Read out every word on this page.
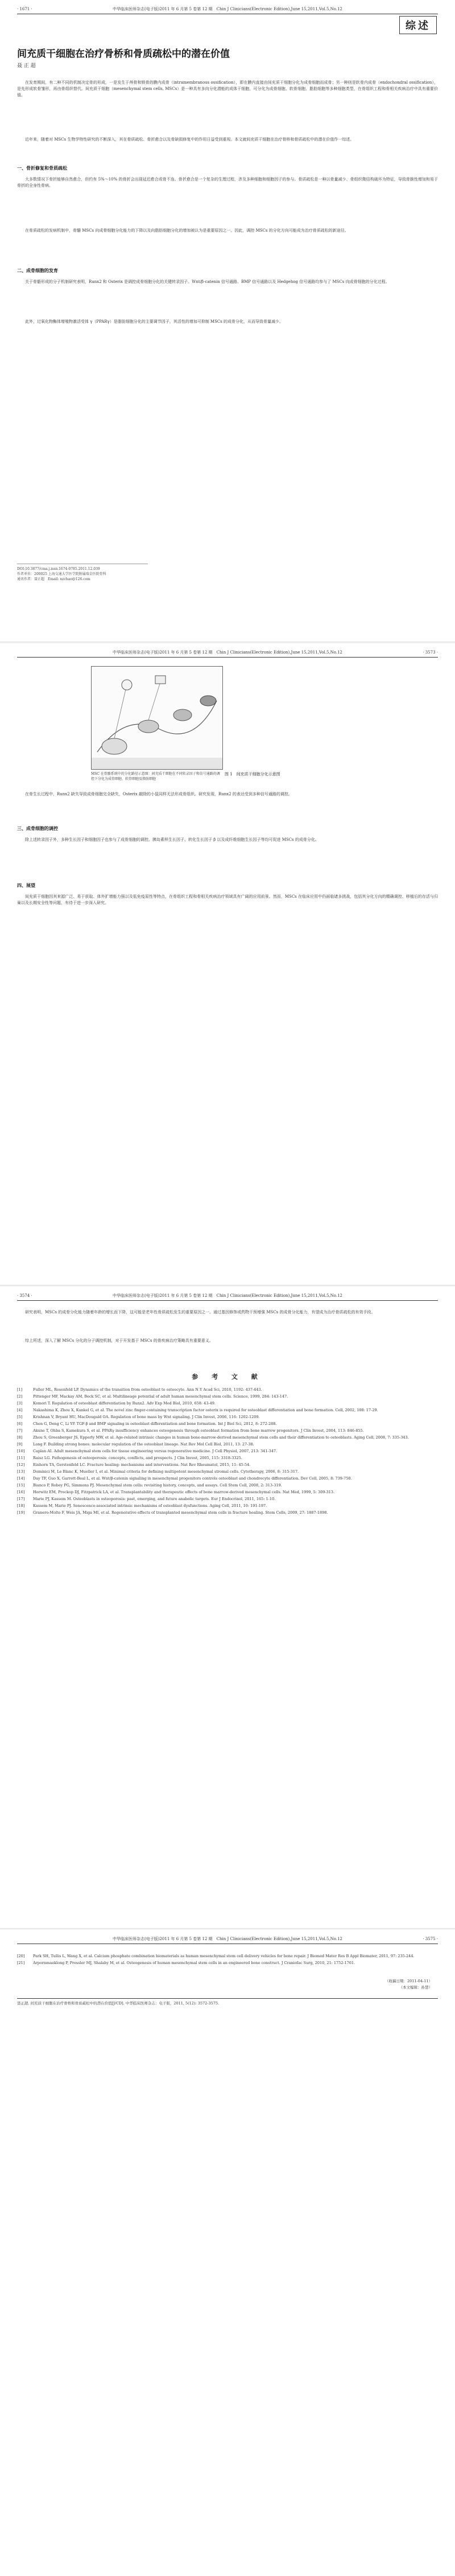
· 1671 ·	中华临床医师杂志(电子版)2011 年 6 月第 5 卷第 12 期　Chin J Clinicians(Electronic Edition),June 15,2011,Vol.5,No.12
综述
间充质干细胞在治疗骨桥和骨质疏松中的潜在价值
聂 正 超
在发育期间，有二种不同的机制决定骨的形成，一是发生于颅骨和锁骨的膜内成骨（intramembranous ossification），即在膜内直接由间充质干细胞分化为成骨细胞而成骨；另一种则是软骨内成骨（endochondral ossification），是先形成软骨雏形，再由骨组织替代。间充质干细胞（mesenchymal stem cells, MSCs）是一种具有多向分化潜能的成体干细胞，可分化为成骨细胞、软骨细胞、脂肪细胞等多种细胞类型，在骨组织工程和骨相关疾病治疗中具有重要价值。
近年来，随着对 MSCs 生物学特性研究的不断深入，其在骨质疏松、骨折愈合以及骨缺损修复中的作用日益受到重视。本文就间充质干细胞在治疗骨桥和骨质疏松中的潜在价值作一综述。
一、骨折修复和骨质疏松
大多数情况下骨折能够自然愈合，但约有 5%～10% 的骨折会出现延迟愈合或骨不连。骨折愈合是一个复杂的生理过程，涉及多种细胞和细胞因子的参与。骨质疏松是一种以骨量减少、骨组织微结构破坏为特征，导致骨脆性增加和易于骨折的全身性骨病。
在骨质疏松的发病机制中，骨髓 MSCs 向成骨细胞分化能力的下降以及向脂肪细胞分化的增加被认为是重要原因之一。因此，调控 MSCs 的分化方向可能成为治疗骨质疏松的新途径。
二、成骨细胞的发育
关于骨骼形成的分子机制研究表明，Runx2 和 Osterix 是调控成骨细胞分化的关键转录因子。Wnt/β-catenin 信号通路、BMP 信号通路以及 Hedgehog 信号通路均参与了 MSCs 向成骨细胞的分化过程。
此外，过氧化物酶体增殖物激活受体 γ（PPARγ）是脂肪细胞分化的主要调节因子，其活性的增加可抑制 MSCs 的成骨分化，从而导致骨量减少。
DOI:10.3877/cma.j.issn.1674-0785.2011.12.039
作者单位：200025 上海交通大学医学院附属瑞金医院骨科
通讯作者：聂正超　Email: nzchao@126.com
中华临床医师杂志(电子版)2011 年 6 月第 5 卷第 12 期　Chin J Clinicians(Electronic Edition),June 15,2011,Vol.5,No.12	· 3573 ·
MSC 在骨骼系统中的分化路径示意图：间充质干细胞在不同转录因子和信号通路的调控下分化为成骨细胞、软骨细胞及脂肪细胞
图 1　间充质干细胞分化示意图
在骨生长过程中，Runx2 缺失导致成骨细胞完全缺失，Osterix 敲除的小鼠同样无法形成骨组织。研究发现，Runx2 的表达受到多种信号通路的调控。
三、成骨细胞的调控
除上述转录因子外，多种生长因子和细胞因子也参与了成骨细胞的调控。胰岛素样生长因子、转化生长因子 β 以及成纤维细胞生长因子等均可促进 MSCs 的成骨分化。
四、展望
间充质干细胞因其来源广泛、易于获取、体外扩增能力强以及低免疫原性等特点，在骨组织工程和骨相关疾病治疗领域具有广阔的应用前景。然而，MSCs 在临床应用中仍面临诸多挑战，包括其分化方向的精确调控、移植后的存活与归巢以及长期安全性等问题，有待于进一步深入研究。
· 3574 ·	中华临床医师杂志(电子版)2011 年 6 月第 5 卷第 12 期　Chin J Clinicians(Electronic Edition),June 15,2011,Vol.5,No.12
研究表明，MSCs 的成骨分化能力随着年龄的增长而下降，这可能是老年性骨质疏松发生的重要原因之一。通过基因修饰或药物干预增强 MSCs 的成骨分化能力，有望成为治疗骨质疏松的有效手段。
综上所述，深入了解 MSCs 分化的分子调控机制，对于开发基于 MSCs 的骨疾病治疗策略具有重要意义。
参 考 文 献
[1]	Fuller ML, Rosenfeld LP. Dynamics of the transition from osteoblast to osteocyte. Ann N Y Acad Sci, 2010, 1192: 437-443.
[2]	Pittenger MF, Mackay AM, Beck SC, et al. Multilineage potential of adult human mesenchymal stem cells. Science, 1999, 284: 143-147.
[3]	Komori T. Regulation of osteoblast differentiation by Runx2. Adv Exp Med Biol, 2010, 658: 43-49.
[4]	Nakashima K, Zhou X, Kunkel G, et al. The novel zinc finger-containing transcription factor osterix is required for osteoblast differentiation and bone formation. Cell, 2002, 108: 17-29.
[5]	Krishnan V, Bryant HU, MacDougald OA. Regulation of bone mass by Wnt signaling. J Clin Invest, 2006, 116: 1202-1209.
[6]	Chen G, Deng C, Li YP. TGF-β and BMP signaling in osteoblast differentiation and bone formation. Int J Biol Sci, 2012, 8: 272-288.
[7]	Akune T, Ohba S, Kamekura S, et al. PPARγ insufficiency enhances osteogenesis through osteoblast formation from bone marrow progenitors. J Clin Invest, 2004, 113: 846-855.
[8]	Zhou S, Greenberger JS, Epperly MW, et al. Age-related intrinsic changes in human bone-marrow-derived mesenchymal stem cells and their differentiation to osteoblasts. Aging Cell, 2008, 7: 335-343.
[9]	Long F. Building strong bones: molecular regulation of the osteoblast lineage. Nat Rev Mol Cell Biol, 2011, 13: 27-38.
[10]	Caplan AI. Adult mesenchymal stem cells for tissue engineering versus regenerative medicine. J Cell Physiol, 2007, 213: 341-347.
[11]	Raisz LG. Pathogenesis of osteoporosis: concepts, conflicts, and prospects. J Clin Invest, 2005, 115: 3318-3325.
[12]	Einhorn TA, Gerstenfeld LC. Fracture healing: mechanisms and interventions. Nat Rev Rheumatol, 2015, 11: 45-54.
[13]	Dominici M, Le Blanc K, Mueller I, et al. Minimal criteria for defining multipotent mesenchymal stromal cells. Cytotherapy, 2006, 8: 315-317.
[14]	Day TF, Guo X, Garrett-Beal L, et al. Wnt/β-catenin signaling in mesenchymal progenitors controls osteoblast and chondrocyte differentiation. Dev Cell, 2005, 8: 739-750.
[15]	Bianco P, Robey PG, Simmons PJ. Mesenchymal stem cells: revisiting history, concepts, and assays. Cell Stem Cell, 2008, 2: 313-319.
[16]	Horwitz EM, Prockop DJ, Fitzpatrick LA, et al. Transplantability and therapeutic effects of bone marrow-derived mesenchymal cells. Nat Med, 1999, 5: 309-313.
[17]	Marie PJ, Kassem M. Osteoblasts in osteoporosis: past, emerging, and future anabolic targets. Eur J Endocrinol, 2011, 165: 1-10.
[18]	Kassem M, Marie PJ. Senescence-associated intrinsic mechanisms of osteoblast dysfunctions. Aging Cell, 2011, 10: 191-197.
[19]	Granero-Molto F, Weis JA, Miga MI, et al. Regenerative effects of transplanted mesenchymal stem cells in fracture healing. Stem Cells, 2009, 27: 1887-1898.
中华临床医师杂志(电子版)2011 年 6 月第 5 卷第 12 期　Chin J Clinicians(Electronic Edition),June 15,2011,Vol.5,No.12	· 3575 ·
[20]	Park SH, Tullis L, Wang X, et al. Calcium phosphate combination biomaterials as human mesenchymal stem cell delivery vehicles for bone repair. J Biomed Mater Res B Appl Biomater, 2011, 97: 235-244.
[21]	Arpornmaeklong P, Pressler MJ, Shalaby M, et al. Osteogenesis of human mesenchymal stem cells in an engineered bone construct. J Craniofac Surg, 2010, 21: 1752-1761.
（收稿日期：2011-04-11）
（本文编辑：孙慧）
聂正超. 间充质干细胞在治疗骨桥和骨质疏松中的潜在价值[J/CD]. 中华临床医师杂志：电子版，2011, 5(12): 3572-3575.
